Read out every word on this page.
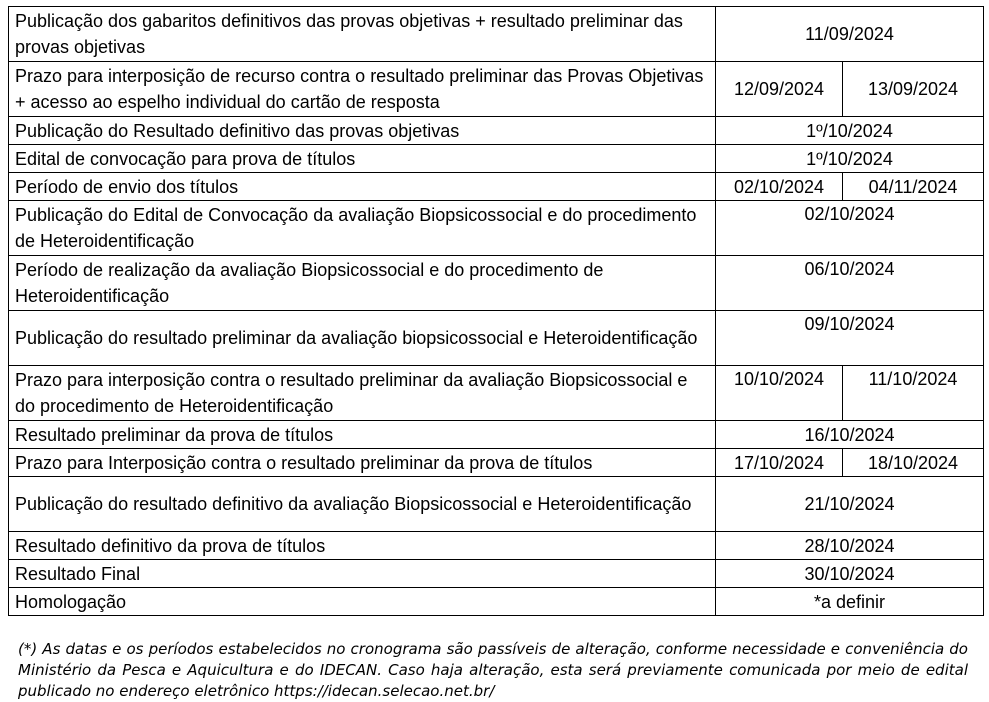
Publicação dos gabaritos definitivos das provas objetivas + resultado preliminar das provas objetivas	11/09/2024	
Prazo para interposição de recurso contra o resultado preliminar das Provas Objetivas + acesso ao espelho individual do cartão de resposta	12/09/2024	13/09/2024
Publicação do Resultado definitivo das provas objetivas	1º/10/2024	
Edital de convocação para prova de títulos	1º/10/2024	
Período de envio dos títulos	02/10/2024	04/11/2024
Publicação do Edital de Convocação da avaliação Biopsicossocial e do procedimento de Heteroidentificação	02/10/2024	
Período de realização da avaliação Biopsicossocial e do procedimento de Heteroidentificação	06/10/2024	
Publicação do resultado preliminar da avaliação biopsicossocial e Heteroidentificação	09/10/2024	
Prazo para interposição contra o resultado preliminar da avaliação Biopsicossocial e do procedimento de Heteroidentificação	10/10/2024	11/10/2024
Resultado preliminar da prova de títulos	16/10/2024	
Prazo para Interposição contra o resultado preliminar da prova de títulos	17/10/2024	18/10/2024
Publicação do resultado definitivo da avaliação Biopsicossocial e Heteroidentificação	21/10/2024	
Resultado definitivo da prova de títulos	28/10/2024	
Resultado Final	30/10/2024	
Homologação	*a definir	

(*) As datas e os períodos estabelecidos no cronograma são passíveis de alteração, conforme necessidade e conveniência do Ministério da Pesca e Aquicultura e do IDECAN. Caso haja alteração, esta será previamente comunicada por meio de edital publicado no endereço eletrônico https://idecan.selecao.net.br/
